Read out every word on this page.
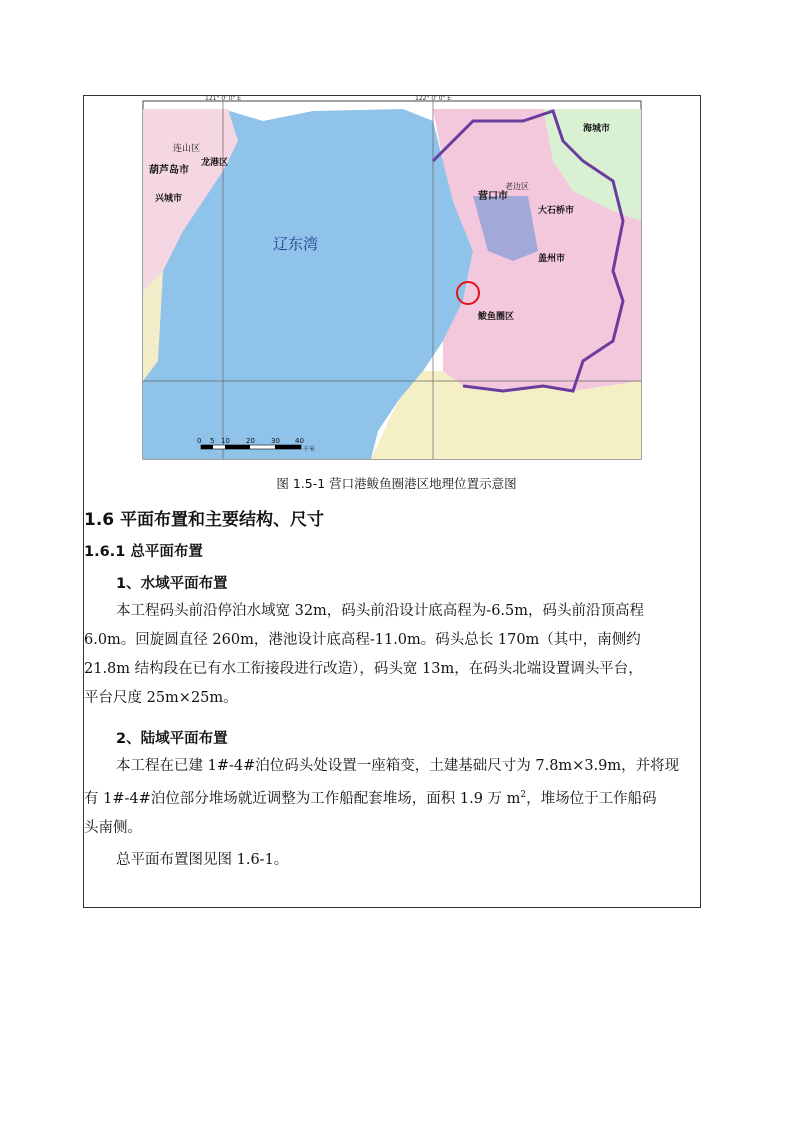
辽东湾
葫芦岛市
龙港区
连山区
兴城市	营口市
老边区
大石桥市
盖州市
鲅鱼圈区
海城市
121° 0' 0" E	122° 0' 0" E
0 5 10 20 30 40
千米
图 1.5-1 营口港鲅鱼圈港区地理位置示意图
1.6 平面布置和主要结构、尺寸
1.6.1 总平面布置
1、水域平面布置
本工程码头前沿停泊水域宽 32m，码头前沿设计底高程为-6.5m，码头前沿顶高程
6.0m。回旋圆直径 260m，港池设计底高程-11.0m。码头总长 170m（其中，南侧约
21.8m 结构段在已有水工衔接段进行改造），码头宽 13m，在码头北端设置调头平台，
平台尺度 25m×25m。
2、陆域平面布置
本工程在已建 1#-4#泊位码头处设置一座箱变，土建基础尺寸为 7.8m×3.9m，并将现
有 1#-4#泊位部分堆场就近调整为工作船配套堆场，面积 1.9 万 $m^2$，堆场位于工作船码
头南侧。
总平面布置图见图 1.6-1。
